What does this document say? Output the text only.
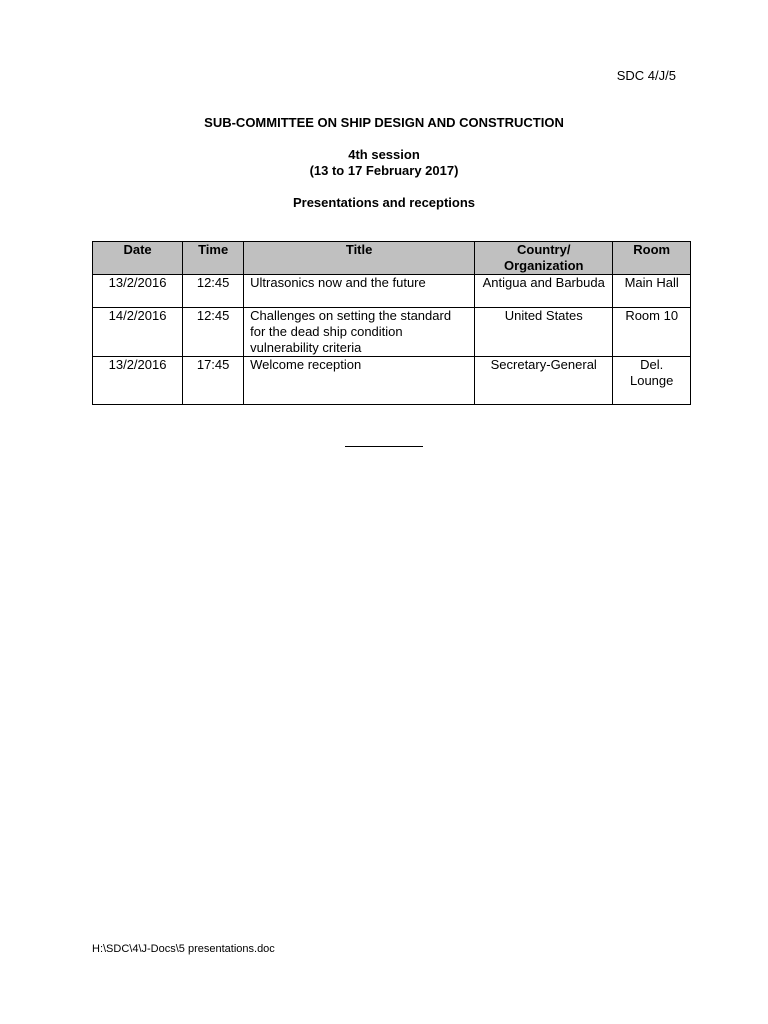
SDC 4/J/5
SUB-COMMITTEE ON SHIP DESIGN AND CONSTRUCTION
4th session
(13 to 17 February 2017)
Presentations and receptions
Date	Time	Title	Country/ Organization	Room
13/2/2016	12:45	Ultrasonics now and the future	Antigua and Barbuda	Main Hall
14/2/2016	12:45	Challenges on setting the standard for the dead ship condition vulnerability criteria	United States	Room 10
13/2/2016	17:45	Welcome reception	Secretary-General	Del. Lounge
H:\SDC\4\J-Docs\5 presentations.doc
